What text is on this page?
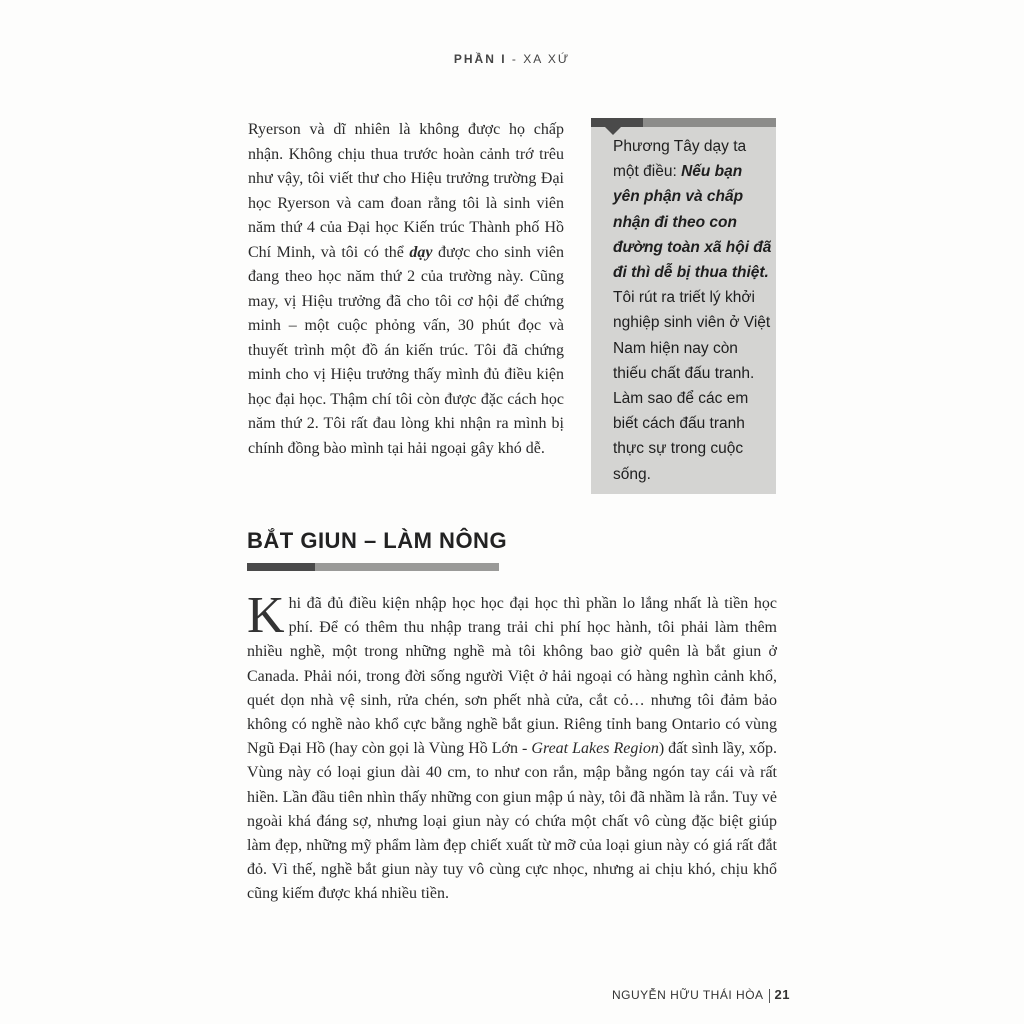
PHẦN I - XA XỨ

Ryerson và dĩ nhiên là không được họ chấp nhận. Không chịu thua trước hoàn cảnh trớ trêu như vậy, tôi viết thư cho Hiệu trưởng trường Đại học Ryerson và cam đoan rằng tôi là sinh viên năm thứ 4 của Đại học Kiến trúc Thành phố Hồ Chí Minh, và tôi có thể dạy được cho sinh viên đang theo học năm thứ 2 của trường này. Cũng may, vị Hiệu trưởng đã cho tôi cơ hội để chứng minh – một cuộc phỏng vấn, 30 phút đọc và thuyết trình một đồ án kiến trúc. Tôi đã chứng minh cho vị Hiệu trưởng thấy mình đủ điều kiện học đại học. Thậm chí tôi còn được đặc cách học năm thứ 2. Tôi rất đau lòng khi nhận ra mình bị chính đồng bào mình tại hải ngoại gây khó dễ.

Phương Tây dạy ta một điều: Nếu bạn yên phận và chấp nhận đi theo con đường toàn xã hội đã đi thì dễ bị thua thiệt. Tôi rút ra triết lý khởi nghiệp sinh viên ở Việt Nam hiện nay còn thiếu chất đấu tranh. Làm sao để các em biết cách đấu tranh thực sự trong cuộc sống.

BẮT GIUN – LÀM NÔNG

Khi đã đủ điều kiện nhập học học đại học thì phần lo lắng nhất là tiền học phí. Để có thêm thu nhập trang trải chi phí học hành, tôi phải làm thêm nhiều nghề, một trong những nghề mà tôi không bao giờ quên là bắt giun ở Canada. Phải nói, trong đời sống người Việt ở hải ngoại có hàng nghìn cảnh khổ, quét dọn nhà vệ sinh, rửa chén, sơn phết nhà cửa, cắt cỏ… nhưng tôi đảm bảo không có nghề nào khổ cực bằng nghề bắt giun. Riêng tỉnh bang Ontario có vùng Ngũ Đại Hồ (hay còn gọi là Vùng Hồ Lớn - Great Lakes Region) đất sình lầy, xốp. Vùng này có loại giun dài 40 cm, to như con rắn, mập bằng ngón tay cái và rất hiền. Lần đầu tiên nhìn thấy những con giun mập ú này, tôi đã nhầm là rắn. Tuy vẻ ngoài khá đáng sợ, nhưng loại giun này có chứa một chất vô cùng đặc biệt giúp làm đẹp, những mỹ phẩm làm đẹp chiết xuất từ mỡ của loại giun này có giá rất đắt đỏ. Vì thế, nghề bắt giun này tuy vô cùng cực nhọc, nhưng ai chịu khó, chịu khổ cũng kiếm được khá nhiều tiền.

NGUYỄN HỮU THÁI HÒA 21
